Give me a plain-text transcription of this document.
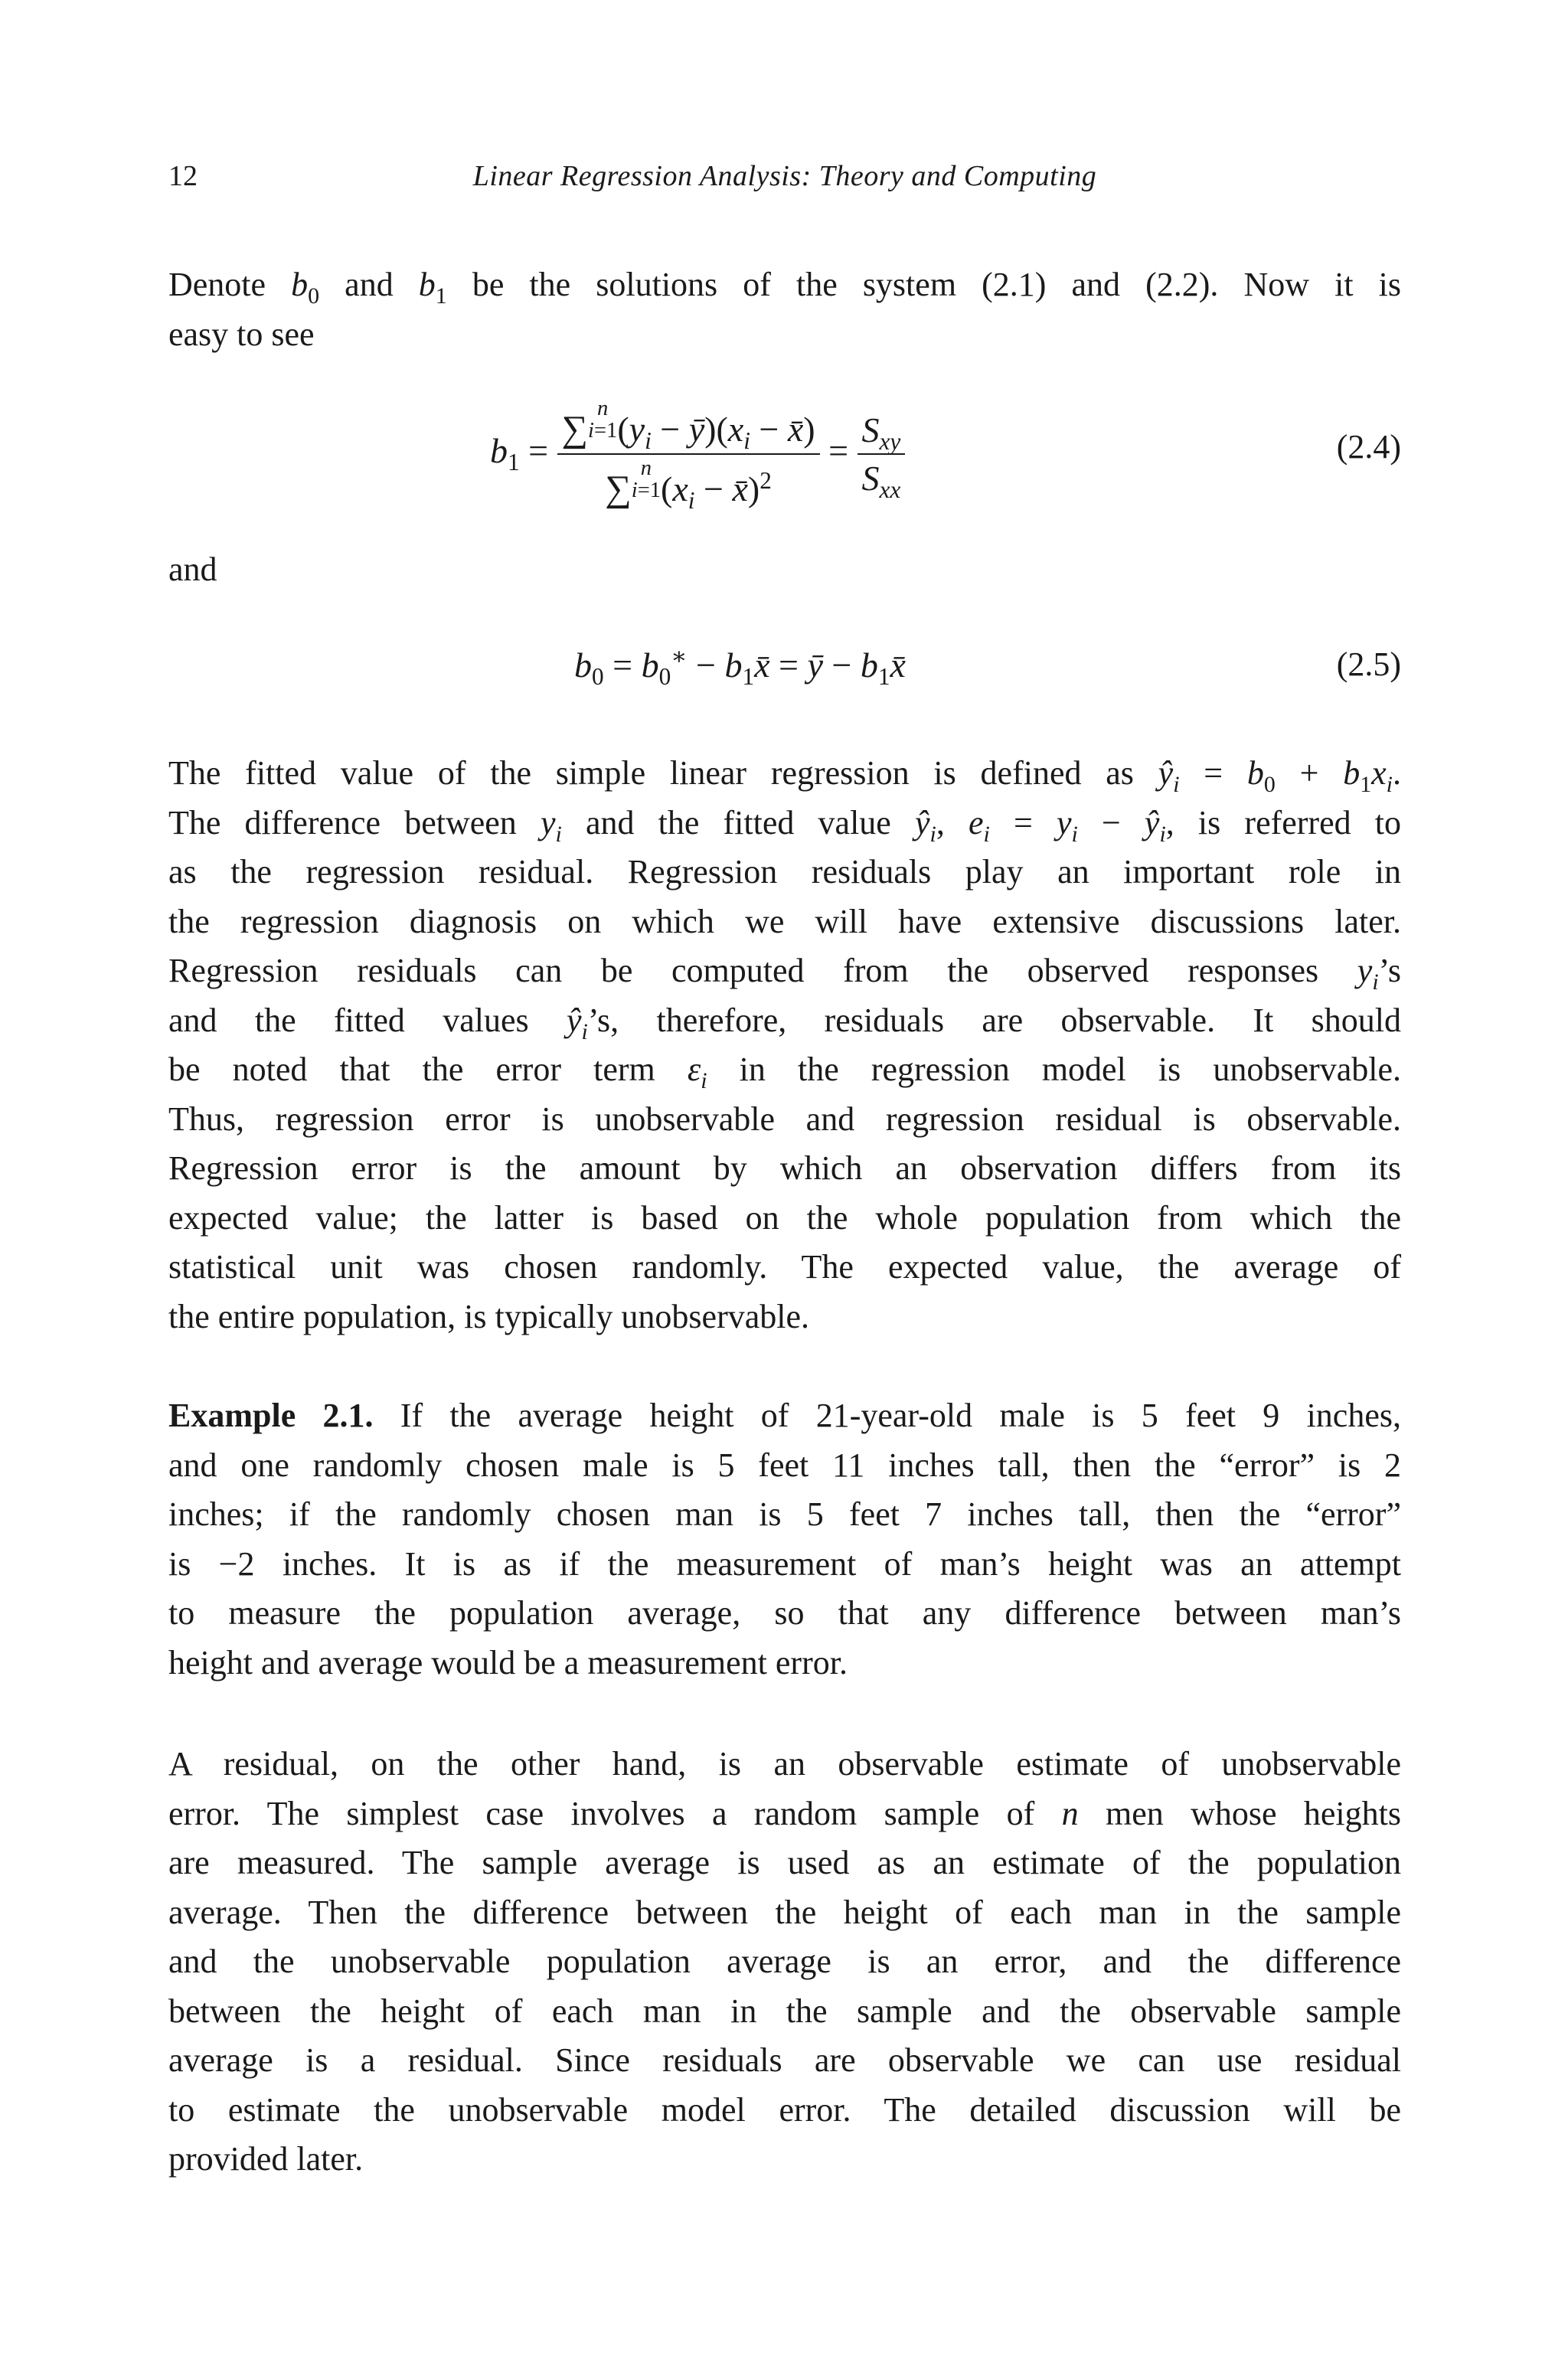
12	Linear Regression Analysis: Theory and Computing
Denote $b_0$ and $b_1$ be the solutions of the system (2.1) and (2.2). Now it is
easy to see
$b_1$ = ∑
n
i=1 ($y_i$ − $ȳ)(x_i$ − x̄)
∑
n
i=1 ($x_i$ − x̄)$^2$ = $\frac{S_{xy}}{S_{xx}}$	(2.4)
and
$b_0 = b_0^∗$ − $b_1x̄$ = ȳ − $b_1x̄$	(2.5)
The fitted value of the simple linear regression is defined as $ŷ_i = b_0 + b_1x_i$.
The difference between $y_i$ and the fitted value $ŷ_i$, $e_i = y_i$ − $ŷ_i$, is referred to
as the regression residual. Regression residuals play an important role in
the regression diagnosis on which we will have extensive discussions later.
Regression residuals can be computed from the observed responses $y_i’s$
and the fitted values $ŷ_i’s$, therefore, residuals are observable. It should
be noted that the error term $\varepsilon_i$ in the regression model is unobservable.
Thus, regression error is unobservable and regression residual is observable.
Regression error is the amount by which an observation differs from its
expected value; the latter is based on the whole population from which the
statistical unit was chosen randomly. The expected value, the average of
the entire population, is typically unobservable.
Example 2.1. If the average height of 21-year-old male is 5 feet 9 inches,
and one randomly chosen male is 5 feet 11 inches tall, then the “error” is 2
inches; if the randomly chosen man is 5 feet 7 inches tall, then the “error”
is −2 inches. It is as if the measurement of man’s height was an attempt
to measure the population average, so that any difference between man’s
height and average would be a measurement error.
A residual, on the other hand, is an observable estimate of unobservable
error. The simplest case involves a random sample of n men whose heights
are measured. The sample average is used as an estimate of the population
average. Then the difference between the height of each man in the sample
and the unobservable population average is an error, and the difference
between the height of each man in the sample and the observable sample
average is a residual. Since residuals are observable we can use residual
to estimate the unobservable model error. The detailed discussion will be
provided later.
